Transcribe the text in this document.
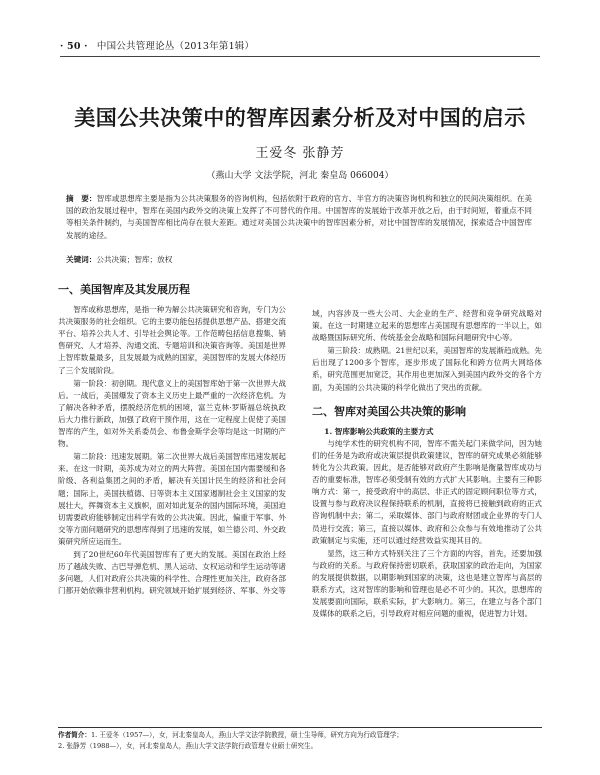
· 50 · 中国公共管理论丛（2013年第1辑）
美国公共决策中的智库因素分析及对中国的启示
王爱冬 张静芳
（燕山大学 文法学院，河北 秦皇岛 066004）
摘　要：智库或思想库主要是指为公共决策服务的咨询机构，包括依附于政府的官方、半官方的决策咨询机构和独立的民间决策组织。在美国的政治发展过程中，智库在美国内政外交的决策上发挥了不可替代的作用。中国智库的发展始于改革开放之后，由于时间短，着重点不同等相关条件制约，与美国智库相比尚存在很大差距。通过对美国公共决策中的智库因素分析，对比中国智库的发展情况，探索适合中国智库发展的途径。
关键词：公共决策；智库；放权
一、美国智库及其发展历程

智库或称思想库，是指一种为解公共决策研究和咨询，专门为公共决策服务的社会组织。它的主要功能包括提供思想产品、搭建交流平台、培养公共人才、引导社会舆论等。工作范畴包括信息搜集、销售研究、人才培养、沟通交流、专题培训和决策咨询等。美国是世界上智库数量最多，且发展最为成熟的国家，美国智库的发展大体经历了三个发展阶段。

第一阶段：初创期。现代意义上的美国智库始于第一次世界大战后。一战后，美国爆发了资本主义历史上最严重的一次经济危机。为了解决各种矛盾，摆脱经济危机的困境，富兰克林·罗斯福总统执政后大力推行新政，加强了政府干预作用，这在一定程度上促使了美国智库的产生，如对外关系委员会、布鲁金斯学会等均是这一时期的产物。

第二阶段：迅速发展期。第二次世界大战后美国智库迅速发展起来。在这一时期，美苏成为对立的两大阵营。美国在国内需要缓和各阶级、各利益集团之间的矛盾，解决有关国计民生的经济和社会问题；国际上，美国扶植德、日等资本主义国家遏制社会主义国家的发展壮大，挥舞资本主义旗帜，面对如此复杂的国内国际环境，美国迫切需要政府能够制定出科学有效的公共决策。因此，偏重于军事、外交等方面问题研究的思想库得到了迅速的发展，如兰德公司、外交政策研究所应运而生。

到了20世纪60年代美国智库有了更大的发展。美国在政治上经历了越战失败、古巴导弹危机、黑人运动、女权运动和学生运动等诸多问题，人们对政府公共决策的科学性、合理性更加关注，政府各部门都开始依赖非营利机构。研究领域开始扩展到经济、军事、外交等

域，内容涉及一些大公司、大企业的生产、经营和竞争研究战略对策。在这一时期建立起来的思想库占美国现有思想库的一半以上，如战略暨国际研究所、传统基金会战略和国际问题研究中心等。

第三阶段：成熟期。21世纪以来，美国智库的发展渐趋成熟。先后出现了1200多个智库，逐步形成了国际化和跨方位两大网络体系，研究范围更加宽泛，其作用也更加深入到美国内政外交的各个方面，为美国的公共决策的科学化做出了突出的贡献。

二、智库对美国公共决策的影响
1. 智库影响公共政策的主要方式

与纯学术性的研究机构不同，智库不需关起门来做学问，因为她们的任务是为政府或决策层提供政策建议，智库的研究成果必须能够转化为公共政策。因此，是否能够对政府产生影响是衡量智库成功与否的重要标准，智库必须受制有效的方式扩大其影响。主要有三种影响方式：第一，接受政府中的高层、非正式的固定顾问职位等方式，设置与参与政府决议程保持联系的机制，直接将已接触到政府的正式咨询机制中去；第二，采取媒体、部门与政府财团或企业界的专门人员进行交流；第三，直接以媒体、政府和公众参与有效地推动了公共政策制定与实施，还可以通过经营效益实现其目的。

显然，这三种方式特别关注了三个方面的内容，首先，还要加强与政府的关系。与政府保持密切联系，获取国家的政治走向，为国家的发展提供数据，以期影响到国家的决策，这也是建立智库与高层的联系方式，这对智库的影响和管理也是必不可少的。其次，思想库的发展要面向国际，联系实际，扩大影响力。第三，在建立与各个部门及媒体的联系之后，引导政府对相应问题的重视，促进智力计划。

作者简介：1. 王爱冬（1957—），女，河北秦皇岛人，燕山大学文法学院教授，硕士生导师，研究方向为行政管理学；
2. 张静芳（1988—），女，河北秦皇岛人，燕山大学文法学院行政管理专业硕士研究生。
